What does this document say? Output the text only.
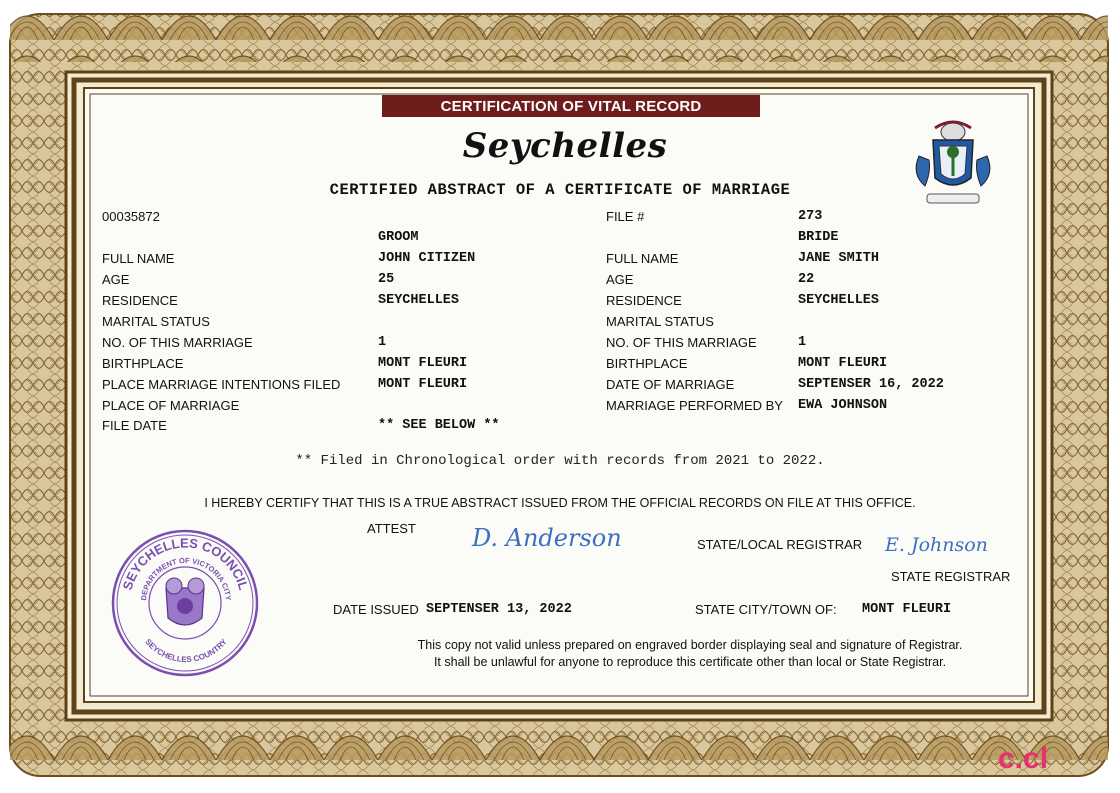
CERTIFICATION OF VITAL RECORD
Seychelles
CERTIFIED ABSTRACT OF A CERTIFICATE OF MARRIAGE
00035872
FULL NAME
AGE
RESIDENCE
MARITAL STATUS
NO. OF THIS MARRIAGE
BIRTHPLACE
PLACE MARRIAGE INTENTIONS FILED
PLACE OF MARRIAGE
FILE DATE
GROOM
JOHN CITIZEN
25
SEYCHELLES
1
MONT FLEURI
MONT FLEURI
** SEE BELOW **
FILE #
FULL NAME
AGE
RESIDENCE
MARITAL STATUS
NO. OF THIS MARRIAGE
BIRTHPLACE
DATE OF MARRIAGE
MARRIAGE PERFORMED BY
273
BRIDE
JANE SMITH
22
SEYCHELLES
1
MONT FLEURI
SEPTENSER 16, 2022
EWA JOHNSON
** Filed in Chronological order with records from 2021 to 2022.
I HEREBY CERTIFY THAT THIS IS A TRUE ABSTRACT ISSUED FROM THE OFFICIAL RECORDS ON FILE AT THIS OFFICE.
ATTEST D. Anderson	STATE/LOCAL REGISTRAR E. Johnson
STATE REGISTRAR
DATE ISSUED SEPTENSER 13, 2022	STATE CITY/TOWN OF: MONT FLEURI
This copy not valid unless prepared on engraved border displaying seal and signature of Registrar.
It shall be unlawful for anyone to reproduce this certificate other than local or State Registrar.
SEYCHELLES COUNCIL
DEPARTMENT OF VICTORIA CITY
SEYCHELLES COUNTRY
c.cl
